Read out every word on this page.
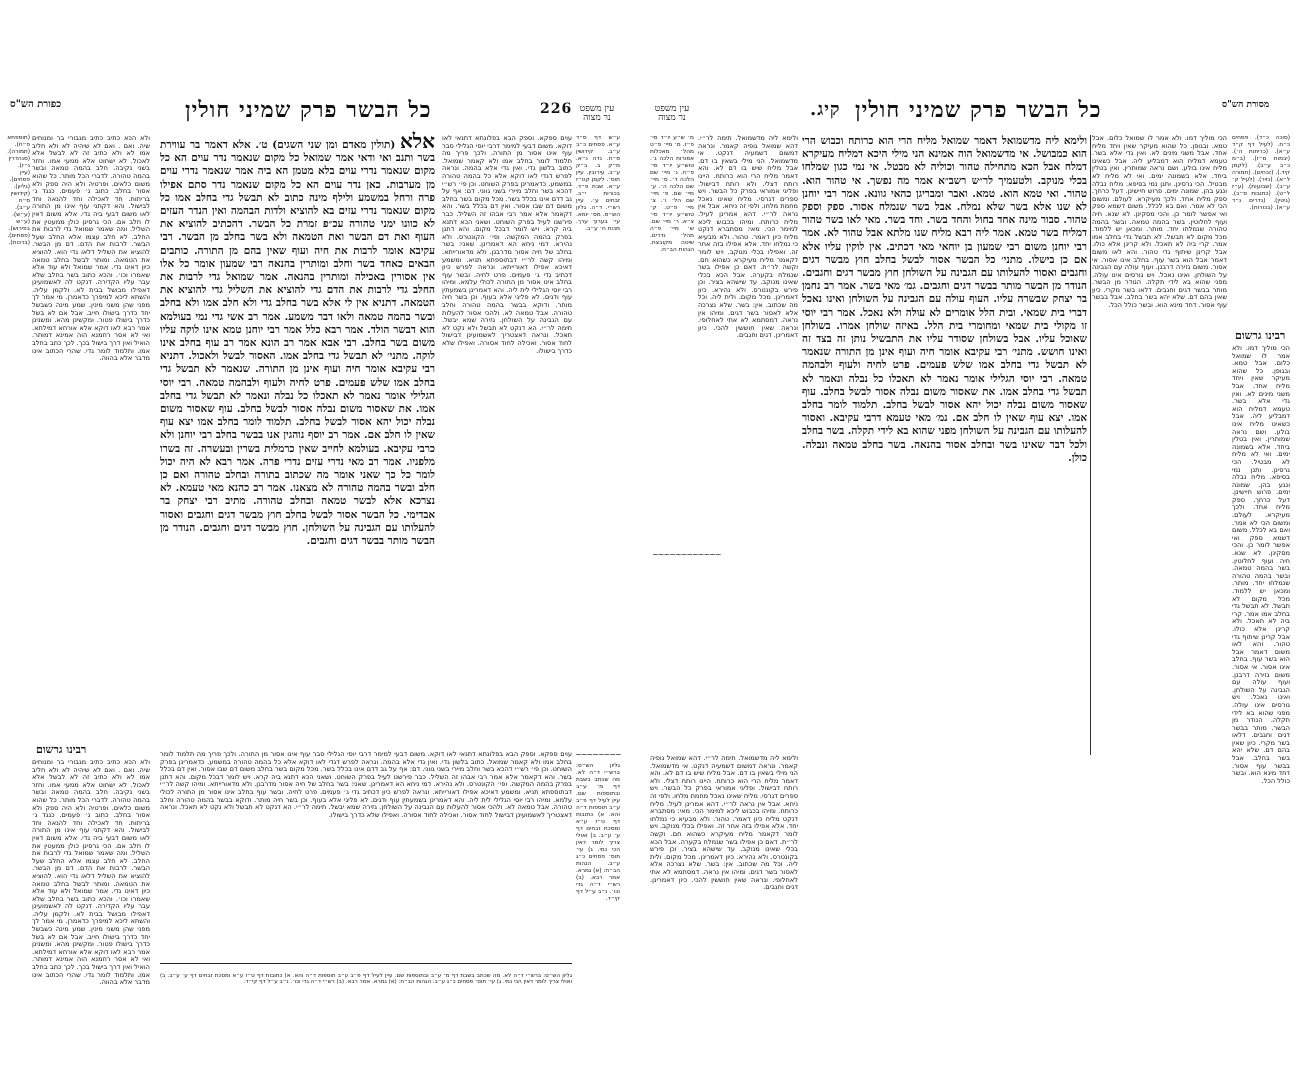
כפורת הש"ס	כל הבשר פרק שמיני חולין	226 עין משפט נר מצוה

(תוספתא פ״ח). (תמורה). (סנהדרין נ״ז). (עיין פסחים). (גליון). (קידושין ס״ח ע״ב). (ע״ש). (ע״ש בפירוש). (פסחים). (ברכות).

ולא הכא כתיב כתיב מגבורי בר ומנוחים שיה. ואם . ואם לא שיהיה לא ולא חליב אמו לא ולא כתיב זה לא לבשל אלא לאכול. לא ישחוט אלא ממעי אמו. וחזר בשני נקיבה. חלב בהמה טמאה ובשר בהמה טהורה. לדברי הכל מותר. כל שהוא משום כלאים. ופרטיה ולא היה ספק ולא אסור בחלב. כתוב ג׳ פעמים. כנגד ג׳ בריתות. חד לאכילה וחד להנאה וחד לבישול. והא דקתני עוף אינו מן התורה לאו משום דבעי ביה גדי. אלא משום דאין לו חלב אם. הכי גרסינן כולן ממעטין את השליל. ומה שאמר שמואל גדי לרבות את החלב. לא חלב עצמו אלא החלב שעל הבשר. לרבות את הדם. דם מן הבשר. להוציא את השליל דלאו גדי הוא. להוציא את הטמאה. ומותר לבשל בחלב טמאה כיון דאינו גדי. אמר שמואל ולא עוד אלא שאמרו וכו׳. והכא כתוב בשר בחלב שלא עבר עליו הקדירה. דנקט לה לאשמועינן דאפילו מבושל בבית לא. ולקמן עליה. והשתא ליכא למיפרך כדאמרן. מי אמר לך מפני שהן משני מינין. שמע מינה כשבשל יחד כדרך בישולו חייב. אבל אם לא בשל כדרך בישולו פטור. ומקשינן מהא. ומשנינן אמר רבא לאו דוקא אלא אורחא דמילתא. ואי לא אסר רחמנא הוה אמינא דמותר. הואיל ואין דרך בישול בכך. לכך כתב בחלב אמו. ותלמוד לומר גדי. שהרי הכתוב אינו מדבר אלא בהווה.

רבינו גרשום

ולא הכא כתיב כתיב מגבורי בר ומנוחים שיה. ואם . ואם לא שיהיה לא ולא חליב אמו לא ולא כתיב זה לא לבשל אלא לאכול. לא ישחוט אלא ממעי אמו. וחזר בשני נקיבה. חלב בהמה טמאה ובשר בהמה טהורה. לדברי הכל מותר. כל שהוא משום כלאים. ופרטיה ולא היה ספק ולא אסור בחלב. כתוב ג׳ פעמים. כנגד ג׳ בריתות. חד לאכילה וחד להנאה וחד לבישול. והא דקתני עוף אינו מן התורה לאו משום דבעי ביה גדי. אלא משום דאין לו חלב אם. הכי גרסינן כולן ממעטין את השליל. ומה שאמר שמואל גדי לרבות את החלב. לא חלב עצמו אלא החלב שעל הבשר. לרבות את הדם. דם מן הבשר. להוציא את השליל דלאו גדי הוא. להוציא את הטמאה. ומותר לבשל בחלב טמאה כיון דאינו גדי. אמר שמואל ולא עוד אלא שאמרו וכו׳. והכא כתוב בשר בחלב שלא עבר עליו הקדירה. דנקט לה לאשמועינן דאפילו מבושל בבית לא. ולקמן עליה. והשתא ליכא למיפרך כדאמרן. מי אמר לך מפני שהן משני מינין. שמע מינה כשבשל יחד כדרך בישולו חייב. אבל אם לא בשל כדרך בישולו פטור. ומקשינן מהא. ומשנינן אמר רבא לאו דוקא אלא אורחא דמילתא. ואי לא אסר רחמנא הוה אמינא דמותר. הואיל ואין דרך בישול בכך. לכך כתב בחלב אמו. ותלמוד לומר גדי. שהרי הכתוב אינו מדבר אלא בהווה.

אלא (תולין מאדם ומן שני השגים) ט׳. אלא דאמר בר עווירת בשר ותנב ואי ודאי אמר שמואל כל מקום שנאמר נדר עוים הא כל מקום שנאמר נדרי עוים בלא מטמן הא ביה אמר שנאמר נדרי עוים מן מערבות. כאן נדר עוים הא כל מקום שנאמר נדר סתם אפילו פרה ורחל במשמע ולילף מינה כתוב לא תבשל גדי בחלב אמו כל מקום שנאמר נדרי עזים בא להוציא ולדות הבהמה ואין הנדר העזים לא כוונו ימני טהורה עכ״פ זמרת כל הבשר. דהכתיב להוציא את העוף ואת דם הבשר ואת הטמאה ולא בשר בחלב מן הבשר. רבי עקיבא אומר לרבות את חיה ועוף שאין בהם מן התורה. כותבים הבאים כאחד בשר וחלב ומותרין בהנאה רבי שמעון אומר כל אלו אין אסורין באכילה ומותרין בהנאה. אמר שמואל גדי לרבות את החלב גדי לרבות את הדם גדי להוציא את השליל גדי להוציא את הטמאה. דתניא אין לי אלא בשר בחלב גדי ולא חלב אמו ולא בחלב ובשר בהמה טמאה ולאו דבר משמע. אמר רב אשי גדי נמי בעולמא הוא דבשר הולד. אמר רבא כלל אמר רבי יוחנן טמא אינו לוקה עליו משום בשר בחלב. רבי אבא אמר רב הונא אמר רב עוף בחלב אינו לוקה. מתני׳ לא תבשל גדי בחלב אמו. האסור לבשל ולאכול. דתניא רבי עקיבא אומר חיה ועוף אינן מן התורה. שנאמר לא תבשל גדי בחלב אמו שלש פעמים. פרט לחיה ולעוף ולבהמה טמאה. רבי יוסי הגלילי אומר נאמר לא תאכלו כל נבלה ונאמר לא תבשל גדי בחלב אמו. את שאסור משום נבלה אסור לבשל בחלב. עוף שאסור משום נבלה יכול יהא אסור לבשל בחלב. תלמוד לומר בחלב אמו יצא עוף שאין לו חלב אם. אמר רב יוסף נוהגין אנו בבשר בחלב רבי יוחנן ולא כרבי עקיבא. בעולמא לחייב שאין כרמלית בשרין ובעשרה. זה בשרו מלפניו. אמר רב מאי נדרי עזים נדרי פרה. אמר רבא לא היה יכול לומר כל כך שאני אומר מה שכתוב בתורה ובחלב טהורה ואם כן חלב ובשר בהמה טהורה לא מצאנו. אמר רב כהנא מאי טעמא. לא נצרכא אלא לבשר טמאה ובחלב טהורה. מתיב רבי יצחק בר אבדימי. כל הבשר אסור לבשל בחלב חוץ מבשר דגים וחגבים ואסור להעלותו עם הגבינה על השולחן. חוץ מבשר דגים וחגבים. הנודר מן הבשר מותר בבשר דגים וחגבים.

עוים ספקא. וספק הבא בפלוגתא דתנאי לאו דוקא. משום דבעי למימר דרבי יוסי הגלילי סבר עוף אינו אסור מן התורה. ולכך פריך מה תלמוד לומר בחלב אמו ולא קאמר שמואל. כתוב בלשון גדי. ואין גדי אלא בהמה. ונראה לפרש דגדי לאו דוקא אלא כל בהמה טהורה במשמע. כדאמרינן בפרק השוחט. וכן פי׳ רש״י דהכא בשר וחלב מיירי בשני גווני. דם: אף על גב דדם אינו בכלל בשר. מכל מקום בשר בחלב משום דם שבו אסור. ואין דם בכלל בשר. והא דקאמר אלא אמר רבי אבהו זה השליל. כבר פירשנו לעיל בפרק השוחט. ושאני הכא דתנא ביה קרא. ויש לומר דבכל מקום. והא דתנן בפרק בהמה המקשה. ופי׳ הקונטרס. ולא נהירא. דמי ניחא הא דאמרינן. שאני: בשר בחלב של חיה אסור מדרבנן. ולא מדאורייתא. ומיהו קשה לר״י דבתוספתא תניא. ומשמע דאיכא אפילו דאורייתא. ונראה לפרש כיון דכתיב גדי ג׳ פעמים. פרט לחיה. ובשר עוף בחלב אינו אסור מן התורה לכולי עלמא. ומיהו רבי יוסי הגלילי לית ליה. והא דאמרינן בשמעתין עוף ודגים. לא פליגי אלא בעוף. וכן בשר חיה מותר. ודוקא בבשר בהמה טהורה וחלב טהורה. אבל טמאה לא. ולהכי אסור להעלות עם הגבינה על השולחן. גזירה שמא יבשל. תימה לר״י. הא דנקט לא תבשל ולא נקט לא תאכל. ונראה דאצטריך לאשמועינן דבישול לחוד אסור. ואכילה לחוד אסורה. ואפילו שלא כדרך בישולו.

ע״ש דף ס״ד ע״א. פסחים כ״ב ע״ב. קידושין ס״ח. נדה נ״א. מ״ק ב. ב״ק ע״ב. עירובין. עיין תוס׳. לקמן קט״ז ע״א. שבת פ״ד. בכורות י״ב. זבחים ע׳. עיין רש״י. ד״ה. גליון הש״ס. מס׳ יומא. עי׳ בערוך ערך. מכות ח׳ ע״ב.

עוים ספקא. וספק הבא בפלוגתא דתנאי לאו דוקא. משום דבעי למימר דרבי יוסי הגלילי סבר עוף אינו אסור מן התורה. ולכך פריך מה תלמוד לומר בחלב אמו ולא קאמר שמואל. כתוב בלשון גדי. ואין גדי אלא בהמה. ונראה לפרש דגדי לאו דוקא אלא כל בהמה טהורה במשמע. כדאמרינן בפרק השוחט. וכן פי׳ רש״י דהכא בשר וחלב מיירי בשני גווני. דם: אף על גב דדם אינו בכלל בשר. מכל מקום בשר בחלב משום דם שבו אסור. ואין דם בכלל בשר. והא דקאמר אלא אמר רבי אבהו זה השליל. כבר פירשנו לעיל בפרק השוחט. ושאני הכא דתנא ביה קרא. ויש לומר דבכל מקום. והא דתנן בפרק בהמה המקשה. ופי׳ הקונטרס. ולא נהירא. דמי ניחא הא דאמרינן. שאני: בשר בחלב של חיה אסור מדרבנן. ולא מדאורייתא. ומיהו קשה לר״י דבתוספתא תניא. ומשמע דאיכא אפילו דאורייתא. ונראה לפרש כיון דכתיב גדי ג׳ פעמים. פרט לחיה. ובשר עוף בחלב אינו אסור מן התורה לכולי עלמא. ומיהו רבי יוסי הגלילי לית ליה. והא דאמרינן בשמעתין עוף ודגים. לא פליגי אלא בעוף. וכן בשר חיה מותר. ודוקא בבשר בהמה טהורה וחלב טהורה. אבל טמאה לא. ולהכי אסור להעלות עם הגבינה על השולחן. גזירה שמא יבשל. תימה לר״י. הא דנקט לא תבשל ולא נקט לא תאכל. ונראה דאצטריך לאשמועינן דבישול לחוד אסור. ואכילה לחוד אסורה. ואפילו שלא כדרך בישולו.

~~~~~~~~

גליון הש״ס: ברש״י ד״ה לא. מה שכתב בשבת דף מ׳ ע״ב ובתוספות שם. עיין לעיל דף פ״ב ע״ב תוספות ד״ה והא. א) כתובות דף ט״ז ע״א ומסכת זבחים דף ע׳ ע״ב. ב) ואולי צריך לומר דאין הכי נמי. ג) עי׳ תוס׳ פסחים כ״ג ע״ב. הגהות הב״ח: (א) גמרא. אמר רבא. (ב) רש״י ד״ה גדי וכו׳. נ״ב ע״ל דף קי״ד.

גליון הש״ס: ברש״י ד״ה לא. מה שכתב בשבת דף מ׳ ע״ב ובתוספות שם. עיין לעיל דף פ״ב ע״ב תוספות ד״ה והא. א) כתובות דף ט״ז ע״א ומסכת זבחים דף ע׳ ע״ב. ב) ואולי צריך לומר דאין הכי נמי. ג) עי׳ תוס׳ פסחים כ״ג ע״ב. הגהות הב״ח: (א) גמרא. אמר רבא. (ב) רש״י ד״ה גדי וכו׳. נ״ב ע״ל דף קי״ד.

עין משפט נר מצוה	קיג. כל הבשר פרק שמיני חולין	מסורת הש"ס

מ׳ ש״ע יו״ד סי׳ פ״ז. מ׳ מיי׳ פ״ט מהל׳ מאכלות אסורות הלכה ג׳. טוש״ע יו״ד סי׳ פ״ח. נ׳ מיי׳ שם הלכה ד׳. ס׳ מיי׳ שם הלכה ה׳. ע׳ מיי׳ שם. פ׳ מיי׳ שם הל׳ ו׳. צ׳ מיי׳ פ״ט. ק׳ טוש״ע יו״ד סי׳ צ״א. ר׳ מיי׳ שם. ש׳ מיי׳ פ״ה מהל׳ נדרים. שיטה מקובצת. הגהות הב״ח.

ולימא ליה מדשמואל. תימה לר״י. דהא שמואל גופיה קאמר. ונראה דמשום דשמעיה דנקט. אי מדשמואל. הני מילי בשאין בו דם. אבל מליח שיש בו דם לא. והא דאמר מליח הרי הוא כרותח. היינו רותח דצלי. ולא רותח דבישול. ופליגי אמוראי בפרק כל הבשר. ויש ספרים דגרסי. מליח שאינו נאכל מחמת מלחו. ולפי זה ניחא. אבל אין נראה לר״י. דהא אמרינן לעיל. מליח כרותח. ומיהו בכבוש ליכא למימר הכי. מאי: מסתברא דנקט מליח כיון דאמר. טהור. ולא מבעיא כי נמלחו יחד. אלא אפילו בזה אחר זה. ואפילו בכלי מנוקב. ויש לומר דקאמר מליח מעיקרא כשהוא חם. וקשה לר״ת. דאם כן אפילו בשר שנמלח בקערה. אבל הכא בכלי שאינו מנוקב. עד שישהא בציר. וכן פירש בקונטרס. ולא נהירא. כיון דאמרינן. מכל מקום. ולית ליה. וכל מה שכתוב. אין: בשר. שלא נצרכה אלא לאסור בשר דגים. ומיהו אין נראה. דמסתמא לא אתי לאחלופי. ונראה שאין חוששין להכי. כיון דאמרינן. דגים וחגבים.

ולימא ליה מדשמואל דאמר שמואל מליח הרי הוא כרותח וכבוש הרי הוא כמבושל. אי מדשמואל הוה אמינא הני מילי היכא דמליח מעיקרא דמלח אבל הכא מתחילה טהור וכוליה לא מבטל. אי נמי כגון שמלחו בכלי מנוקב. ולטעמיך לר״ש רשב״א אמר מה נפשך. אי טהור הוא. טהור. ואי טמא הוא. טמא. ואבר ומבריגן כהאי גוונא. אמר רבי יוחנן לא שנו אלא בשר שלא נמלח. אבל בשר שנמלח אסור. ספק וספק טהור. סבור מינה אחד בחול והחד בשר. וחד בשר. מאי לאו בשר טהור דמליח בשר טמא. אמר ליה רבא מליח שנו מלתא אבל טהור לא. אמר רבי יוחנן משום רבי שמעון בן יוחאי מאי דכתיב. אין לוקין עליו אלא אם כן בישלו. מתני׳ כל הבשר אסור לבשל בחלב חוץ מבשר דגים וחגבים ואסור להעלותו עם הגבינה על השולחן חוץ מבשר דגים וחגבים. הנודר מן הבשר מותר בבשר דגים וחגבים. גמ׳ מאי בשר. אמר רב נחמן בר יצחק שבשרה עליו. העוף עולה עם הגבינה על השולחן ואינו נאכל דברי בית שמאי. ובית הלל אומרים לא עולה ולא נאכל. אמר רבי יוסי זו מקולי בית שמאי ומחומרי בית הלל. באיזה שולחן אמרו. בשולחן שאוכל עליו. אבל בשולחן שסודר עליו את התבשיל נותן זה בצד זה ואינו חושש. מתני׳ רבי עקיבא אומר חיה ועוף אינן מן התורה שנאמר לא תבשל גדי בחלב אמו שלש פעמים. פרט לחיה ולעוף ולבהמה טמאה. רבי יוסי הגלילי אומר נאמר לא תאכלו כל נבלה ונאמר לא תבשל גדי בחלב אמו. את שאסור משום נבלה אסור לבשל בחלב. עוף שאסור משום נבלה יכול יהא אסור לבשל בחלב. תלמוד לומר בחלב אמו. יצא עוף שאין לו חלב אם. נמ׳ מאי טעמא דרבי עקיבא. ואסור להעלותו עם הגבינה על השולחן מפני שהוא בא לידי תקלה. בשר בחלב ולכל דבר שאינו בשר ובחלב אסור בהנאה. בשר בחלב טמאה ונבלה. כולן.

הכי מוליך דמו. ולא אמר לו שמואל כלום. אבל טמא. ובגופן. כל שהוא מעיקר שאין ויחד מליח אחד. אבל משני מינים לא. ואין גדי אלא בשר. טעמא דמליח הוא דמבליע ליה. אבל כשאינו מליח אינו בולע. ושם נראה שמותרין. ואין בטלין ביחד. אלא בשמונה ימים. ואי לא מליח לא מבטיל. הכי גרסינן. ותנן נמי בסיפא. מליח נבלה ונגע בהן. שמונה ימים. פרוש חיישינן. דעל כרחך. ספק מליח אחד. ולכך מעיקרא. לעולם. ומשום הכי לא אמר. ואם בא לכלל. משום דשמא ספק ואי אפשר לומר כן. והכי מסקינן. לא שנא. חיה ועוף לחלוטין. בשר בהמה טמאה. ובשר בהמה טהורה שנמלחו יחד. מותר. ומכאן יש ללמוד. מכל מקום לא תבשל. לא תבשל גדי בחלב אמו אמר. קרי ביה לא תאכל. ולא קרינן אלא כולו. אבל קרינן שיתוף גדי טהור. והא לאו משום דאמר אבל הוא בשר עוף. בחלב אינו אסור. אי אסור. משום גזירה דרבנן. ועוף עולה עם הגבינה על השולחן. ואינו נאכל. ויש גורסים אינו עולה. מפני שהוא בא לידי תקלה. הנודר מן הבשר. מותר בבשר דגים וחגבים. דלאו בשר מקרי. כיון שאין בהם דם. שלא יהא בשר בחלב. אבל בבשר עוף אסור. דחד מינא הוא. ובשר כולל הכל.

רבינו גרשום

הכי מוליך דמו. ולא אמר לו שמואל כלום. אבל טמא. ובגופן. כל שהוא מעיקר שאין ויחד מליח אחד. אבל משני מינים לא. ואין גדי אלא בשר. טעמא דמליח הוא דמבליע ליה. אבל כשאינו מליח אינו בולע. ושם נראה שמותרין. ואין בטלין ביחד. אלא בשמונה ימים. ואי לא מליח לא מבטיל. הכי גרסינן. ותנן נמי בסיפא. מליח נבלה ונגע בהן. שמונה ימים. פרוש חיישינן. דעל כרחך. ספק מליח אחד. ולכך מעיקרא. לעולם. ומשום הכי לא אמר. ואם בא לכלל. משום דשמא ספק ואי אפשר לומר כן. והכי מסקינן. לא שנא. חיה ועוף לחלוטין. בשר בהמה טמאה. ובשר בהמה טהורה שנמלחו יחד. מותר. ומכאן יש ללמוד. מכל מקום לא תבשל. לא תבשל גדי בחלב אמו אמר. קרי ביה לא תאכל. ולא קרינן אלא כולו. אבל קרינן שיתוף גדי טהור. והא לאו משום דאמר אבל הוא בשר עוף. בחלב אינו אסור. אי אסור. משום גזירה דרבנן. ועוף עולה עם הגבינה על השולחן. ואינו נאכל. ויש גורסים אינו עולה. מפני שהוא בא לידי תקלה. הנודר מן הבשר. מותר בבשר דגים וחגבים. דלאו בשר מקרי. כיון שאין בהם דם. שלא יהא בשר בחלב. אבל בבשר עוף אסור. דחד מינא הוא. ובשר כולל הכל.

(סוכה כ״ד). פסחים כ״ח. (לעיל דף ק״ד ע״א). (כריתות ה׳). (יבמות מ״ז). (ב״מ כ״ב ע״ב). (לקמן קיד.). (זבחים). (תמורה ל״א). (נזיר). (לעיל ק׳ ע״ב). (שבועות). (ע״ז ל״ט). (כתובות ס״ב). (גיטין). (נדרים נ״ד ע״א). (בכורות).

~~~~~~~~~~~~

ולימא ליה מדשמואל. תימה לר״י. דהא שמואל גופיה קאמר. ונראה דמשום דשמעיה דנקט. אי מדשמואל. הני מילי בשאין בו דם. אבל מליח שיש בו דם לא. והא דאמר מליח הרי הוא כרותח. היינו רותח דצלי. ולא רותח דבישול. ופליגי אמוראי בפרק כל הבשר. ויש ספרים דגרסי. מליח שאינו נאכל מחמת מלחו. ולפי זה ניחא. אבל אין נראה לר״י. דהא אמרינן לעיל. מליח כרותח. ומיהו בכבוש ליכא למימר הכי. מאי: מסתברא דנקט מליח כיון דאמר. טהור. ולא מבעיא כי נמלחו יחד. אלא אפילו בזה אחר זה. ואפילו בכלי מנוקב. ויש לומר דקאמר מליח מעיקרא כשהוא חם. וקשה לר״ת. דאם כן אפילו בשר שנמלח בקערה. אבל הכא בכלי שאינו מנוקב. עד שישהא בציר. וכן פירש בקונטרס. ולא נהירא. כיון דאמרינן. מכל מקום. ולית ליה. וכל מה שכתוב. אין: בשר. שלא נצרכה אלא לאסור בשר דגים. ומיהו אין נראה. דמסתמא לא אתי לאחלופי. ונראה שאין חוששין להכי. כיון דאמרינן. דגים וחגבים.
